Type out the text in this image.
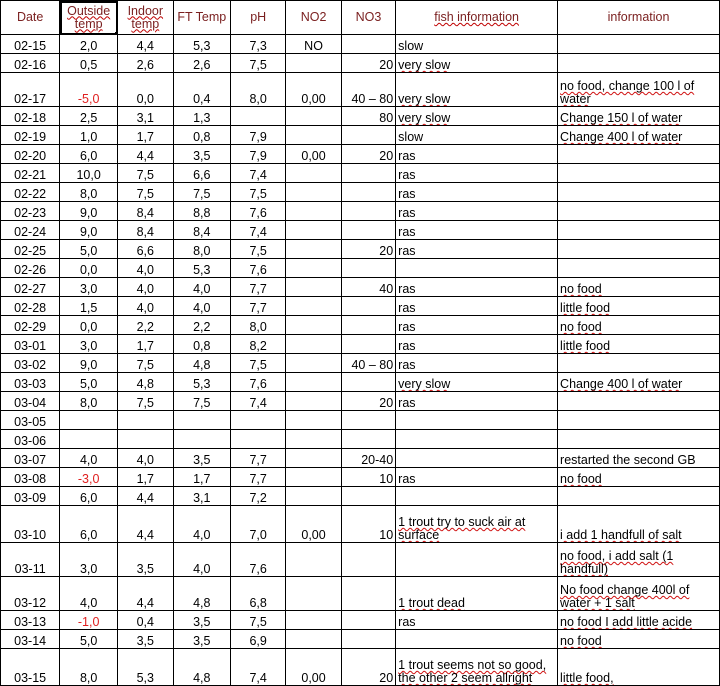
Date	Outside temp	Indoor temp	FT Temp	pH	NO2	NO3	fish information	information
02-15	2,0	4,4	5,3	7,3	NO		slow	
02-16	0,5	2,6	2,6	7,5		20	very slow	
02-17	-5,0	0,0	0,4	8,0	0,00	40 – 80	very slow	no food, change 100 l of water
02-18	2,5	3,1	1,3			80	very slow	Change 150 l of water
02-19	1,0	1,7	0,8	7,9			slow	Change 400 l of water
02-20	6,0	4,4	3,5	7,9	0,00	20	ras	
02-21	10,0	7,5	6,6	7,4			ras	
02-22	8,0	7,5	7,5	7,5			ras	
02-23	9,0	8,4	8,8	7,6			ras	
02-24	9,0	8,4	8,4	7,4			ras	
02-25	5,0	6,6	8,0	7,5		20	ras	
02-26	0,0	4,0	5,3	7,6				
02-27	3,0	4,0	4,0	7,7		40	ras	no food
02-28	1,5	4,0	4,0	7,7			ras	little food
02-29	0,0	2,2	2,2	8,0			ras	no food
03-01	3,0	1,7	0,8	8,2			ras	little food
03-02	9,0	7,5	4,8	7,5		40 – 80	ras	
03-03	5,0	4,8	5,3	7,6			very slow	Change 400 l of water
03-04	8,0	7,5	7,5	7,4		20	ras	
03-05								
03-06								
03-07	4,0	4,0	3,5	7,7		20-40		restarted the second GB
03-08	-3,0	1,7	1,7	7,7		10	ras	no food
03-09	6,0	4,4	3,1	7,2				
03-10	6,0	4,4	4,0	7,0	0,00	10	1 trout try to suck air at surface	i add 1 handfull of salt
03-11	3,0	3,5	4,0	7,6				no food, i add salt (1 handfull)
03-12	4,0	4,4	4,8	6,8			1 trout dead	No food change 400l of water + 1 salt
03-13	-1,0	0,4	3,5	7,5			ras	no food I add little acide
03-14	5,0	3,5	3,5	6,9				no food
03-15	8,0	5,3	4,8	7,4	0,00	20	1 trout seems not so good, the other 2 seem allright	little food,
